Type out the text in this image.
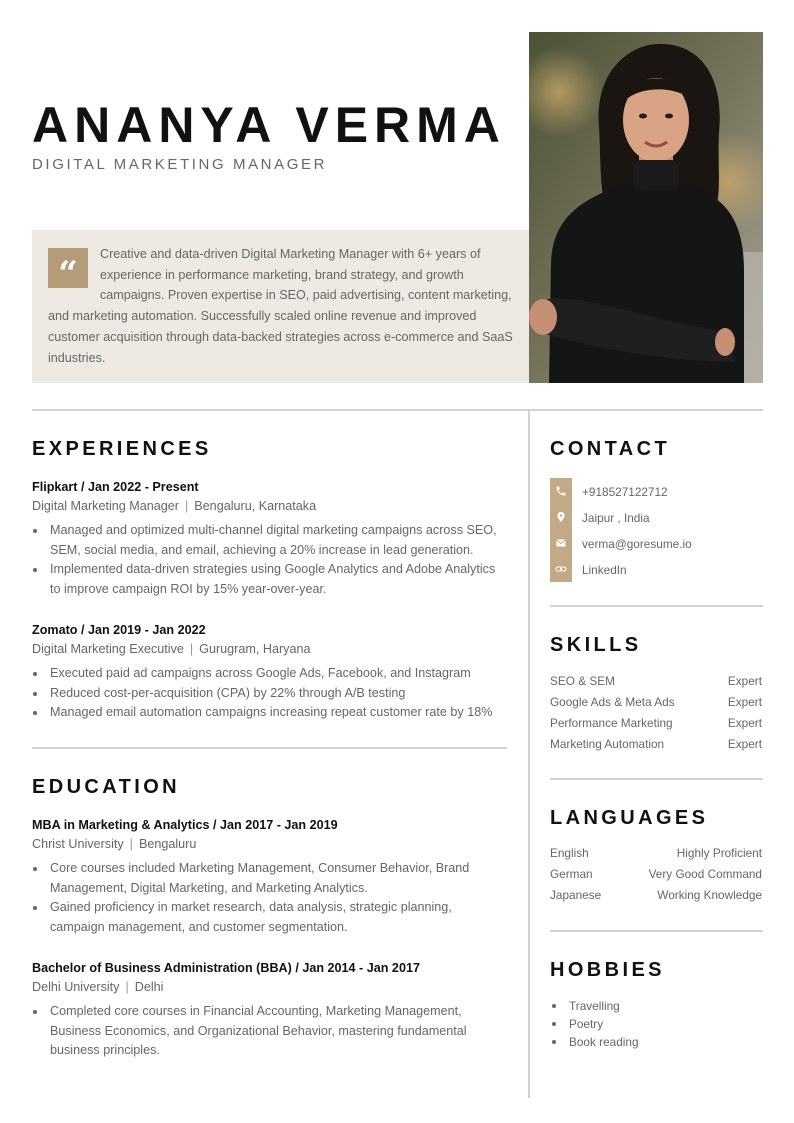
ANANYA VERMA
DIGITAL MARKETING MANAGER
“	Creative and data-driven Digital Marketing Manager with 6+ years of experience in performance marketing, brand strategy, and growth campaigns. Proven expertise in SEO, paid advertising, content marketing, and marketing automation. Successfully scaled online revenue and improved customer acquisition through data-backed strategies across e-commerce and SaaS industries.
EXPERIENCES
Flipkart / Jan 2022 - Present
Digital Marketing Manager | Bengaluru, Karnataka
Managed and optimized multi-channel digital marketing campaigns across SEO, SEM, social media, and email, achieving a 20% increase in lead generation.
Implemented data-driven strategies using Google Analytics and Adobe Analytics to improve campaign ROI by 15% year-over-year.
Zomato / Jan 2019 - Jan 2022
Digital Marketing Executive | Gurugram, Haryana
Executed paid ad campaigns across Google Ads, Facebook, and Instagram
Reduced cost-per-acquisition (CPA) by 22% through A/B testing
Managed email automation campaigns increasing repeat customer rate by 18%
EDUCATION
MBA in Marketing & Analytics / Jan 2017 - Jan 2019
Christ University | Bengaluru
Core courses included Marketing Management, Consumer Behavior, Brand Management, Digital Marketing, and Marketing Analytics.
Gained proficiency in market research, data analysis, strategic planning, campaign management, and customer segmentation.
Bachelor of Business Administration (BBA) / Jan 2014 - Jan 2017
Delhi University | Delhi
Completed core courses in Financial Accounting, Marketing Management, Business Economics, and Organizational Behavior, mastering fundamental business principles.
CONTACT
+918527122712
Jaipur , India
verma@goresume.io
LinkedIn
SKILLS
SEO & SEM	Expert
Google Ads & Meta Ads	Expert
Performance Marketing	Expert
Marketing Automation	Expert
LANGUAGES
English	Highly Proficient
German	Very Good Command
Japanese	Working Knowledge
HOBBIES
Travelling
Poetry
Book reading
